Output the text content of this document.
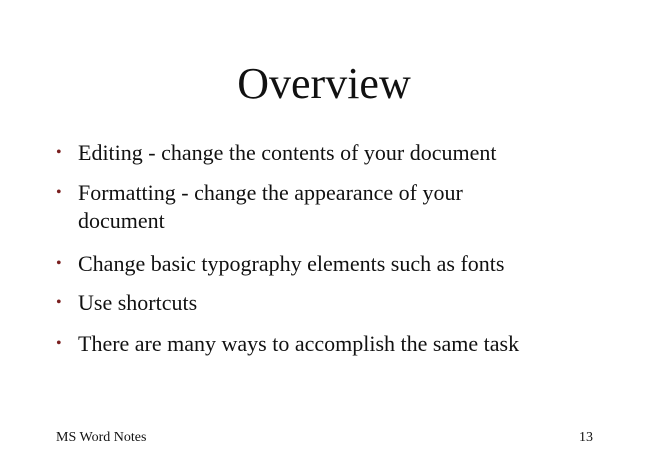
Overview
• Editing - change the contents of your document
• Formatting - change the appearance of your document
• Change basic typography elements such as fonts
• Use shortcuts
• There are many ways to accomplish the same task
MS Word Notes	13
